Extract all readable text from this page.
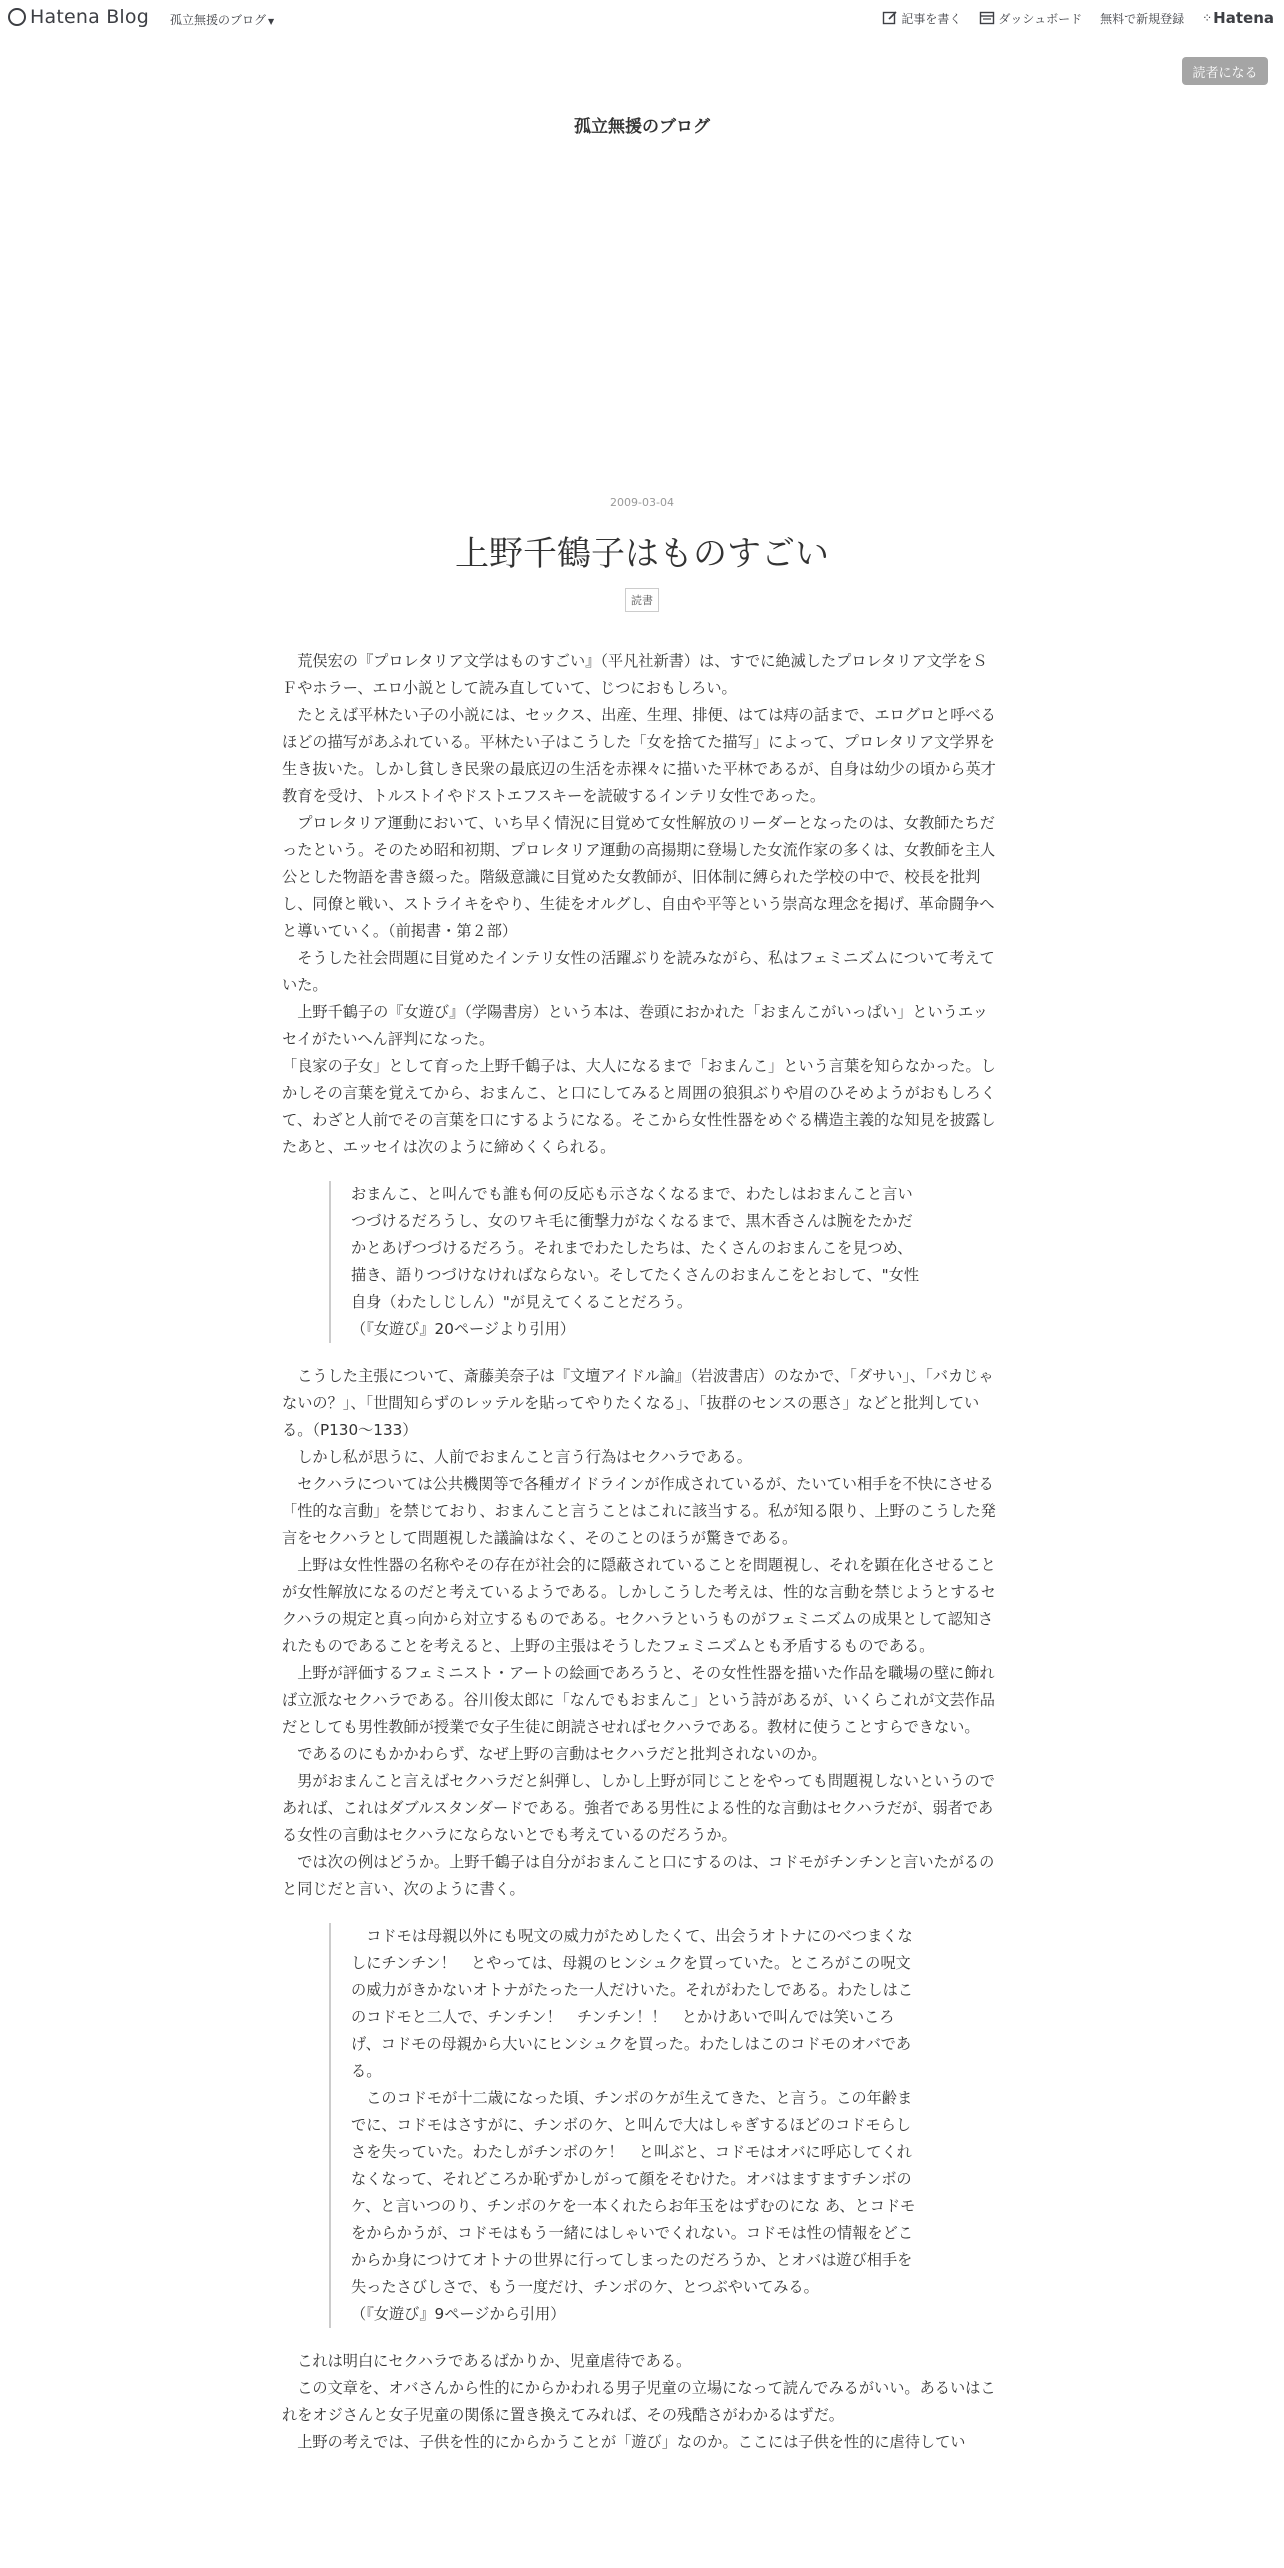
Hatena Blog 孤立無援のブログ ▼	記事を書く	ダッシュボード 無料で新規登録 ⁘ Hatena
読者になる
孤立無援のブログ
2009-03-04
上野千鶴子はものすごい
読書

　荒俣宏の『プロレタリア文学はものすごい』（平凡社新書）は、すでに絶滅したプロレタリア文学をＳＦやホラー、エロ小説として読み直していて、じつにおもしろい。

　たとえば平林たい子の小説には、セックス、出産、生理、排便、はては痔の話まで、エログロと呼べるほどの描写があふれている。平林たい子はこうした「女を捨てた描写」によって、プロレタリア文学界を生き抜いた。しかし貧しき民衆の最底辺の生活を赤裸々に描いた平林であるが、自身は幼少の頃から英才教育を受け、トルストイやドストエフスキーを読破するインテリ女性であった。

　プロレタリア運動において、いち早く情況に目覚めて女性解放のリーダーとなったのは、女教師たちだったという。そのため昭和初期、プロレタリア運動の高揚期に登場した女流作家の多くは、女教師を主人公とした物語を書き綴った。階級意識に目覚めた女教師が、旧体制に縛られた学校の中で、校長を批判し、同僚と戦い、ストライキをやり、生徒をオルグし、自由や平等という崇高な理念を掲げ、革命闘争へと導いていく。（前掲書・第２部）

　そうした社会問題に目覚めたインテリ女性の活躍ぶりを読みながら、私はフェミニズムについて考えていた。

　上野千鶴子の『女遊び』（学陽書房）という本は、巻頭におかれた「おまんこがいっぱい」というエッセイがたいへん評判になった。

「良家の子女」として育った上野千鶴子は、大人になるまで「おまんこ」という言葉を知らなかった。しかしその言葉を覚えてから、おまんこ、と口にしてみると周囲の狼狽ぶりや眉のひそめようがおもしろくて、わざと人前でその言葉を口にするようになる。そこから女性性器をめぐる構造主義的な知見を披露したあと、エッセイは次のように締めくくられる。

おまんこ、と叫んでも誰も何の反応も示さなくなるまで、わたしはおまんこと言いつづけるだろうし、女のワキ毛に衝撃力がなくなるまで、黒木香さんは腕をたかだかとあげつづけるだろう。それまでわたしたちは、たくさんのおまんこを見つめ、描き、語りつづけなければならない。そしてたくさんのおまんこをとおして、"女性自身（わたしじしん）"が見えてくることだろう。

（『女遊び』20ページより引用）

　こうした主張について、斎藤美奈子は『文壇アイドル論』（岩波書店）のなかで、「ダサい」、「バカじゃないの？」、「世間知らずのレッテルを貼ってやりたくなる」、「抜群のセンスの悪さ」などと批判している。（P130〜133）

　しかし私が思うに、人前でおまんこと言う行為はセクハラである。

　セクハラについては公共機関等で各種ガイドラインが作成されているが、たいてい相手を不快にさせる「性的な言動」を禁じており、おまんこと言うことはこれに該当する。私が知る限り、上野のこうした発言をセクハラとして問題視した議論はなく、そのことのほうが驚きである。

　上野は女性性器の名称やその存在が社会的に隠蔽されていることを問題視し、それを顕在化させることが女性解放になるのだと考えているようである。しかしこうした考えは、性的な言動を禁じようとするセクハラの規定と真っ向から対立するものである。セクハラというものがフェミニズムの成果として認知されたものであることを考えると、上野の主張はそうしたフェミニズムとも矛盾するものである。

　上野が評価するフェミニスト・アートの絵画であろうと、その女性性器を描いた作品を職場の壁に飾れば立派なセクハラである。谷川俊太郎に「なんでもおまんこ」という詩があるが、いくらこれが文芸作品だとしても男性教師が授業で女子生徒に朗読させればセクハラである。教材に使うことすらできない。

　であるのにもかかわらず、なぜ上野の言動はセクハラだと批判されないのか。

　男がおまんこと言えばセクハラだと糾弾し、しかし上野が同じことをやっても問題視しないというのであれば、これはダブルスタンダードである。強者である男性による性的な言動はセクハラだが、弱者である女性の言動はセクハラにならないとでも考えているのだろうか。

　では次の例はどうか。上野千鶴子は自分がおまんこと口にするのは、コドモがチンチンと言いたがるのと同じだと言い、次のように書く。

　コドモは母親以外にも呪文の威力がためしたくて、出会うオトナにのべつまくなしにチンチン！　とやっては、母親のヒンシュクを買っていた。ところがこの呪文の威力がきかないオトナがたった一人だけいた。それがわたしである。わたしはこのコドモと二人で、チンチン！　チンチン！！　とかけあいで叫んでは笑いころげ、コドモの母親から大いにヒンシュクを買った。わたしはこのコドモのオバである。

　このコドモが十二歳になった頃、チンボのケが生えてきた、と言う。この年齢までに、コドモはさすがに、チンボのケ、と叫んで大はしゃぎするほどのコドモらしさを失っていた。わたしがチンボのケ！　と叫ぶと、コドモはオバに呼応してくれなくなって、それどころか恥ずかしがって顔をそむけた。オバはますますチンボのケ、と言いつのり、チンボのケを一本くれたらお年玉をはずむのにな あ、とコドモをからかうが、コドモはもう一緒にはしゃいでくれない。コドモは性の情報をどこからか身につけてオトナの世界に行ってしまったのだろうか、とオバは遊び相手を失ったさびしさで、もう一度だけ、チンボのケ、とつぶやいてみる。

（『女遊び』9ページから引用）

　これは明白にセクハラであるばかりか、児童虐待である。

　この文章を、オバさんから性的にからかわれる男子児童の立場になって読んでみるがいい。あるいはこれをオジさんと女子児童の関係に置き換えてみれば、その残酷さがわかるはずだ。

　上野の考えでは、子供を性的にからかうことが「遊び」なのか。ここには子供を性的に虐待してい
